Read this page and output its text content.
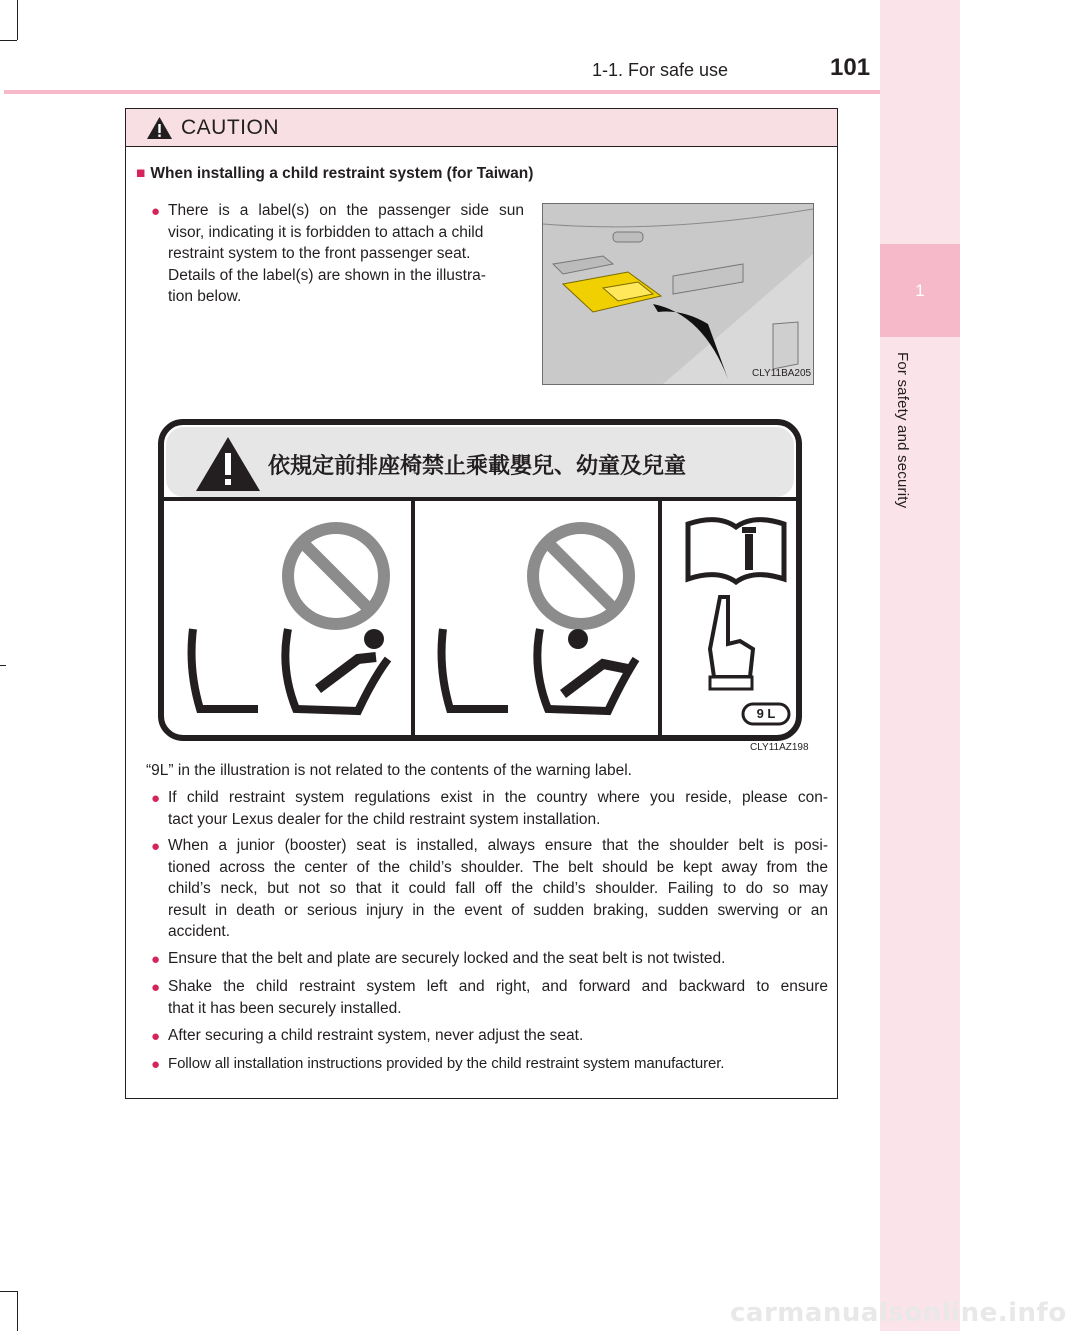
1
For safety and security
1-1. For safe use	101
CAUTION
■ When installing a child restraint system (for Taiwan)
● There is a label(s) on the passenger side sun
visor, indicating it is forbidden to attach a child
restraint system to the front passenger seat.
Details of the label(s) are shown in the illustra-
tion below.
CLY11BA205
依規定前排座椅禁止乘載嬰兒、幼童及兒童
9 L
CLY11AZ198
“9L” in the illustration is not related to the contents of the warning label.
● If child restraint system regulations exist in the country where you reside, please con-
tact your Lexus dealer for the child restraint system installation.
● When a junior (booster) seat is installed, always ensure that the shoulder belt is posi-
tioned across the center of the child’s shoulder. The belt should be kept away from the
child’s neck, but not so that it could fall off the child’s shoulder. Failing to do so may
result in death or serious injury in the event of sudden braking, sudden swerving or an
accident.
● Ensure that the belt and plate are securely locked and the seat belt is not twisted.
● Shake the child restraint system left and right, and forward and backward to ensure
that it has been securely installed.
● After securing a child restraint system, never adjust the seat.
● Follow all installation instructions provided by the child restraint system manufacturer.
carmanualsonline.info
